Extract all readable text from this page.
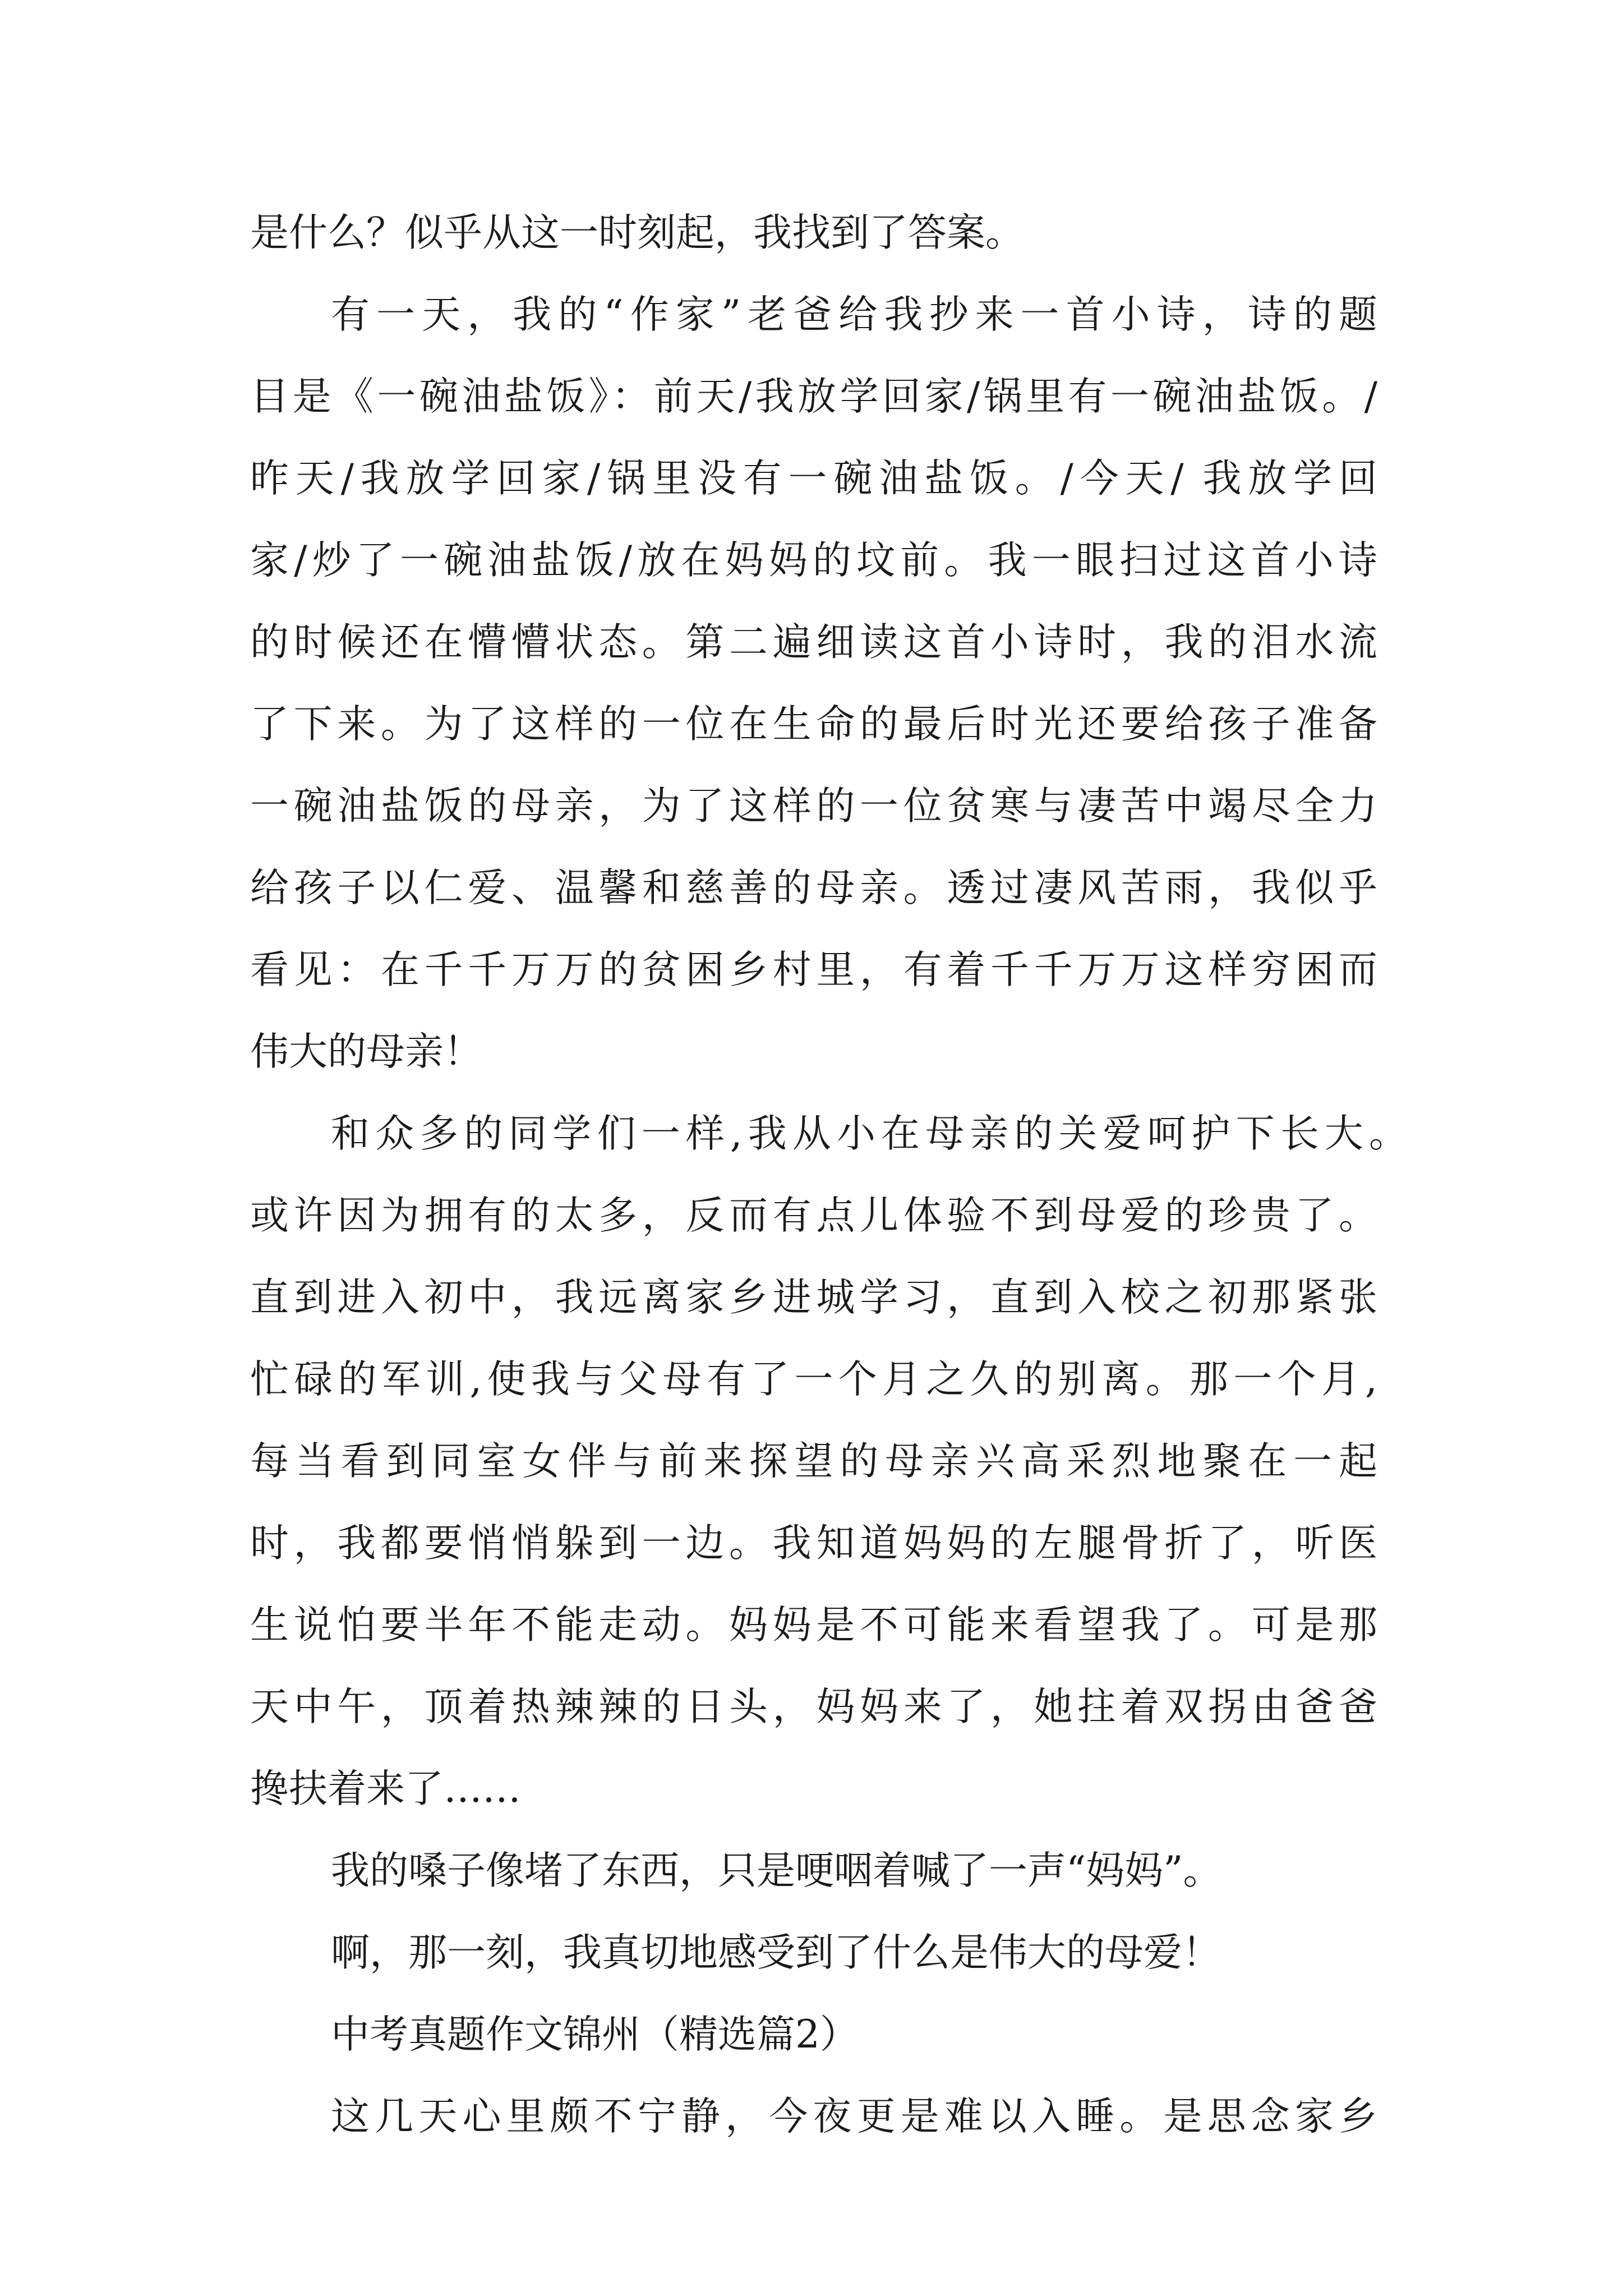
是什么？似乎从这一时刻起，我找到了答案。
有一天，我的“作家”老爸给我抄来一首小诗，诗的题
目是《一碗油盐饭》：前天/我放学回家/锅里有一碗油盐饭。/
昨天/我放学回家/锅里没有一碗油盐饭。/今天/ 我放学回
家/炒了一碗油盐饭/放在妈妈的坟前。我一眼扫过这首小诗
的时候还在懵懵状态。第二遍细读这首小诗时，我的泪水流
了下来。为了这样的一位在生命的最后时光还要给孩子准备
一碗油盐饭的母亲，为了这样的一位贫寒与凄苦中竭尽全力
给孩子以仁爱、温馨和慈善的母亲。透过凄风苦雨，我似乎
看见：在千千万万的贫困乡村里，有着千千万万这样穷困而
伟大的母亲！
和众多的同学们一样,我从小在母亲的关爱呵护下长大。
或许因为拥有的太多，反而有点儿体验不到母爱的珍贵了。
直到进入初中，我远离家乡进城学习，直到入校之初那紧张
忙碌的军训,使我与父母有了一个月之久的别离。那一个月,
每当看到同室女伴与前来探望的母亲兴高采烈地聚在一起
时，我都要悄悄躲到一边。我知道妈妈的左腿骨折了，听医
生说怕要半年不能走动。妈妈是不可能来看望我了。可是那
天中午，顶着热辣辣的日头，妈妈来了，她拄着双拐由爸爸
搀扶着来了……
我的嗓子像堵了东西，只是哽咽着喊了一声“妈妈”。
啊，那一刻，我真切地感受到了什么是伟大的母爱！
中考真题作文锦州（精选篇2）
这几天心里颇不宁静，今夜更是难以入睡。是思念家乡
